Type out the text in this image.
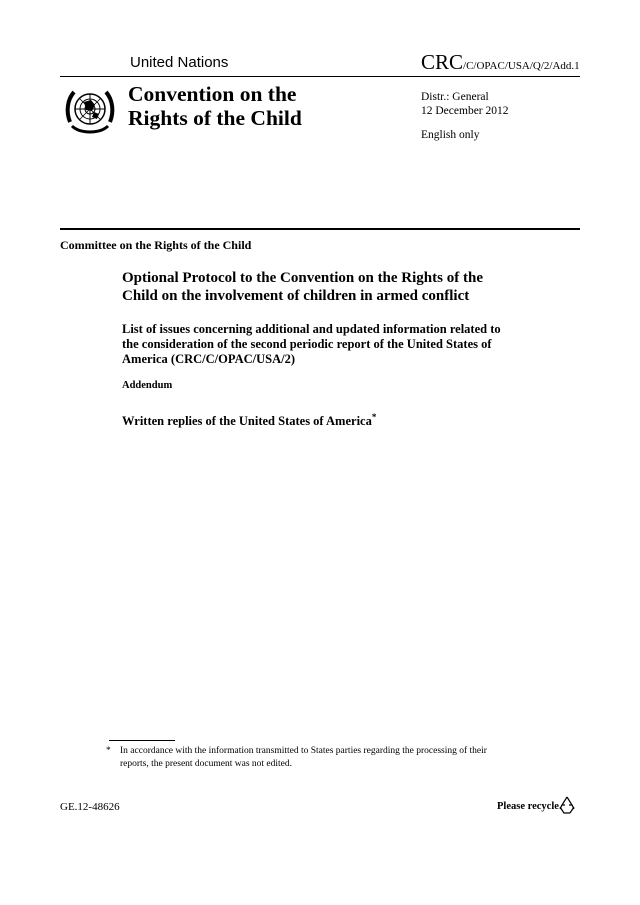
United Nations	CRC/C/OPAC/USA/Q/2/Add.1
Convention on the
Rights of the Child
Distr.: General
12 December 2012
English only
Committee on the Rights of the Child
Optional Protocol to the Convention on the Rights of the
Child on the involvement of children in armed conflict
List of issues concerning additional and updated information related to
the consideration of the second periodic report of the United States of
America (CRC/C/OPAC/USA/2)
Addendum
Written replies of the United States of America*
* In accordance with the information transmitted to States parties regarding the processing of their
reports, the present document was not edited.
GE.12-48626	Please recycle
